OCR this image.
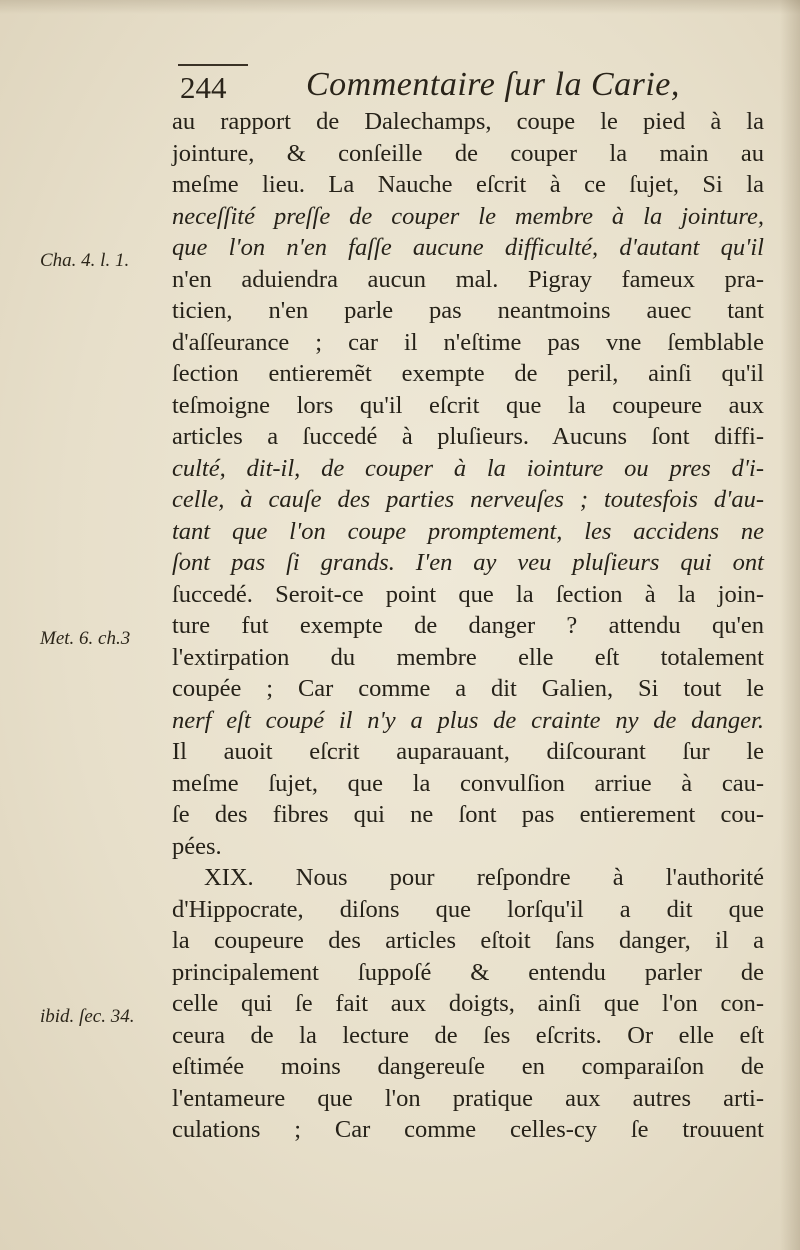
244 Commentaire ſur la Carie,
Cha. 4. l. 1.
Met. 6. ch.3
ibid. ſec. 34.
au rapport de Dalechamps, coupe le pied à la
jointure, & conſeille de couper la main au
meſme lieu. La Nauche eſcrit à ce ſujet, Si la
neceſſité preſſe de couper le membre à la jointure,
que l'on n'en faſſe aucune difficulté, d'autant qu'il
n'en aduiendra aucun mal. Pigray fameux pra-
ticien, n'en parle pas neantmoins auec tant
d'aſſeurance ; car il n'eſtime pas vne ſemblable
ſection entieremẽt exempte de peril, ainſi qu'il
teſmoigne lors qu'il eſcrit que la coupeure aux
articles a ſuccedé à pluſieurs. Aucuns ſont diffi-
culté, dit-il, de couper à la iointure ou pres d'i-
celle, à cauſe des parties nerveuſes ; toutesfois d'au-
tant que l'on coupe promptement, les accidens ne
ſont pas ſi grands. I'en ay veu pluſieurs qui ont
ſuccedé. Seroit-ce point que la ſection à la join-
ture fut exempte de danger ? attendu qu'en
l'extirpation du membre elle eſt totalement
coupée ; Car comme a dit Galien, Si tout le
nerf eſt coupé il n'y a plus de crainte ny de danger.
Il auoit eſcrit auparauant, diſcourant ſur le
meſme ſujet, que la convulſion arriue à cau-
ſe des fibres qui ne ſont pas entierement cou-
pées.
XIX. Nous pour reſpondre à l'authorité
d'Hippocrate, diſons que lorſqu'il a dit que
la coupeure des articles eſtoit ſans danger, il a
principalement ſuppoſé & entendu parler de
celle qui ſe fait aux doigts, ainſi que l'on con-
ceura de la lecture de ſes eſcrits. Or elle eſt
eſtimée moins dangereuſe en comparaiſon de
l'entameure que l'on pratique aux autres arti-
culations ; Car comme celles-cy ſe trouuent
